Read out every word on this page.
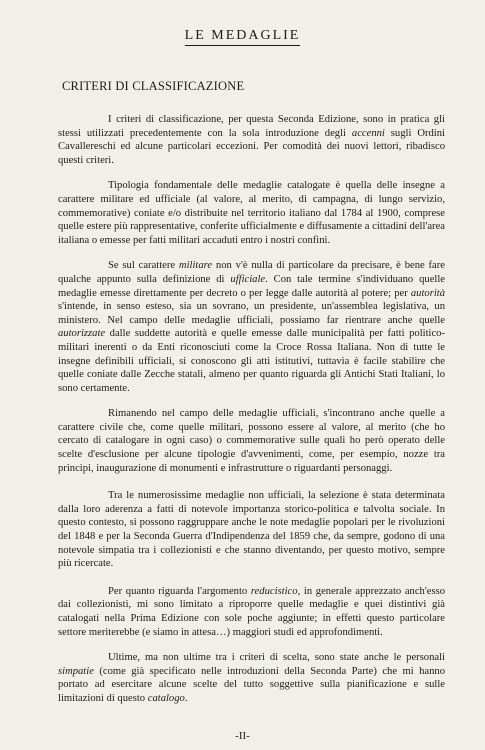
LE MEDAGLIE
CRITERI DI CLASSIFICAZIONE

I criteri di classificazione, per questa Seconda Edizione, sono in pratica gli stessi utilizzati precedentemente con la sola introduzione degli accenni sugli Ordini Cavallereschi ed alcune particolari eccezioni. Per comodità dei nuovi lettori, ribadisco questi criteri.

Tipologia fondamentale delle medaglie catalogate è quella delle insegne a carattere militare ed ufficiale (al valore, al merito, di campagna, di lungo servizio, commemorative) coniate e/o distribuite nel territorio italiano dal 1784 al 1900, comprese quelle estere più rappresentative, conferite ufficialmente e diffusamente a cittadini dell'area italiana o emesse per fatti militari accaduti entro i nostri confini.

Se sul carattere militare non v'è nulla di particolare da precisare, è bene fare qualche appunto sulla definizione di ufficiale. Con tale termine s'individuano quelle medaglie emesse direttamente per decreto o per legge dalle autorità al potere; per autorità s'intende, in senso esteso, sia un sovrano, un presidente, un'assemblea legislativa, un ministero. Nel campo delle medaglie ufficiali, possiamo far rientrare anche quelle autorizzate dalle suddette autorità e quelle emesse dalle municipalità per fatti politico-militari inerenti o da Enti riconosciuti come la Croce Rossa Italiana. Non di tutte le insegne definibili ufficiali, si conoscono gli atti istitutivi, tuttavia è facile stabilire che quelle coniate dalle Zecche statali, almeno per quanto riguarda gli Antichi Stati Italiani, lo sono certamente.

Rimanendo nel campo delle medaglie ufficiali, s'incontrano anche quelle a carattere civile che, come quelle militari, possono essere al valore, al merito (che ho cercato di catalogare in ogni caso) o commemorative sulle quali ho però operato delle scelte d'esclusione per alcune tipologie d'avvenimenti, come, per esempio, nozze tra principi, inaugurazione di monumenti e infrastrutture o riguardanti personaggi.

Tra le numerosissime medaglie non ufficiali, la selezione è stata determinata dalla loro aderenza a fatti di notevole importanza storico-politica e talvolta sociale. In questo contesto, si possono raggruppare anche le note medaglie popolari per le rivoluzioni del 1848 e per la Seconda Guerra d'Indipendenza del 1859 che, da sempre, godono di una notevole simpatia tra i collezionisti e che stanno diventando, per questo motivo, sempre più ricercate.

Per quanto riguarda l'argomento reducistico, in generale apprezzato anch'esso dai collezionisti, mi sono limitato a riproporre quelle medaglie e quei distintivi già catalogati nella Prima Edizione con sole poche aggiunte; in effetti questo particolare settore meriterebbe (e siamo in attesa…) maggiori studi ed approfondimenti.

Ultime, ma non ultime tra i criteri di scelta, sono state anche le personali simpatie (come già specificato nelle introduzioni della Seconda Parte) che mi hanno portato ad esercitare alcune scelte del tutto soggettive sulla pianificazione e sulle limitazioni di questo catalogo.

-II-
